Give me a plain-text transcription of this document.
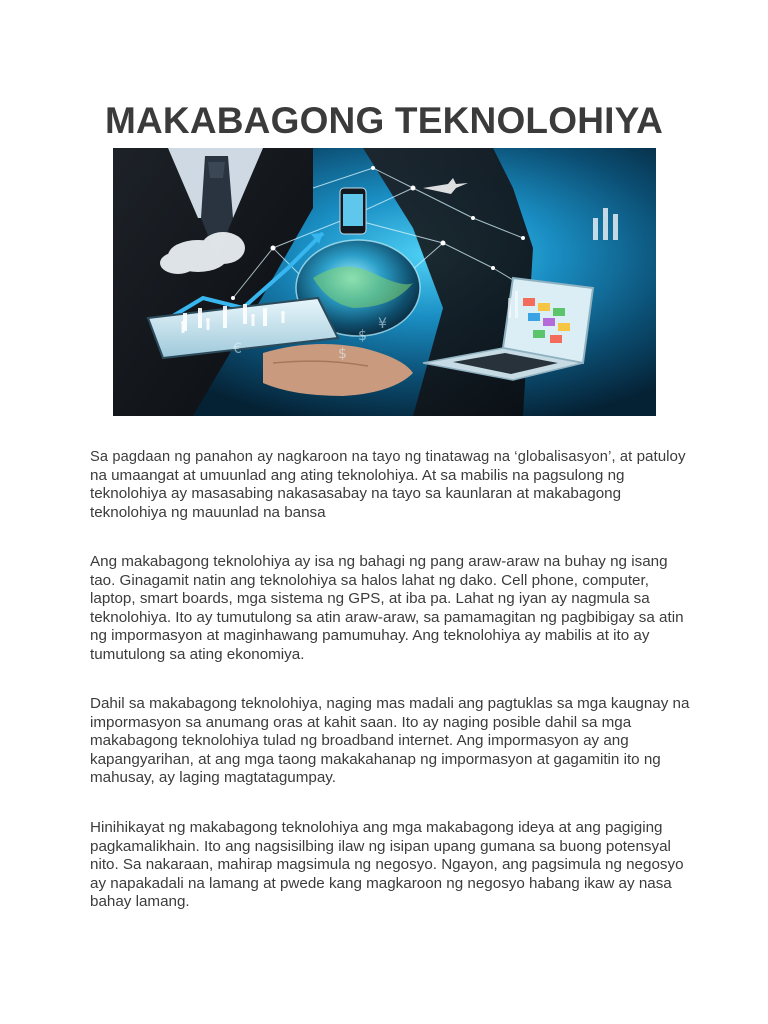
MAKABAGONG TEKNOLOHIYA
€
$
¥
$

Sa pagdaan ng panahon ay nagkaroon na tayo ng tinatawag na ‘globalisasyon’, at patuloy na umaangat at umuunlad ang ating teknolohiya. At sa mabilis na pagsulong ng teknolohiya ay masasabing nakasasabay na tayo sa kaunlaran at makabagong teknolohiya ng mauunlad na bansa

Ang makabagong teknolohiya ay isa ng bahagi ng pang araw-araw na buhay ng isang tao. Ginagamit natin ang teknolohiya sa halos lahat ng dako. Cell phone, computer, laptop, smart boards, mga sistema ng GPS, at iba pa. Lahat ng iyan ay nagmula sa teknolohiya. Ito ay tumutulong sa atin araw-araw, sa pamamagitan ng pagbibigay sa atin ng impormasyon at maginhawang pamumuhay. Ang teknolohiya ay mabilis at ito ay tumutulong sa ating ekonomiya.

Dahil sa makabagong teknolohiya, naging mas madali ang pagtuklas sa mga kaugnay na impormasyon sa anumang oras at kahit saan. Ito ay naging posible dahil sa mga makabagong teknolohiya tulad ng broadband internet. Ang impormasyon ay ang kapangyarihan, at ang mga taong makakahanap ng impormasyon at gagamitin ito ng mahusay, ay laging magtatagumpay.

Hinihikayat ng makabagong teknolohiya ang mga makabagong ideya at ang pagiging pagkamalikhain. Ito ang nagsisilbing ilaw ng isipan upang gumana sa buong potensyal nito. Sa nakaraan, mahirap magsimula ng negosyo. Ngayon, ang pagsimula ng negosyo ay napakadali na lamang at pwede kang magkaroon ng negosyo habang ikaw ay nasa bahay lamang.
